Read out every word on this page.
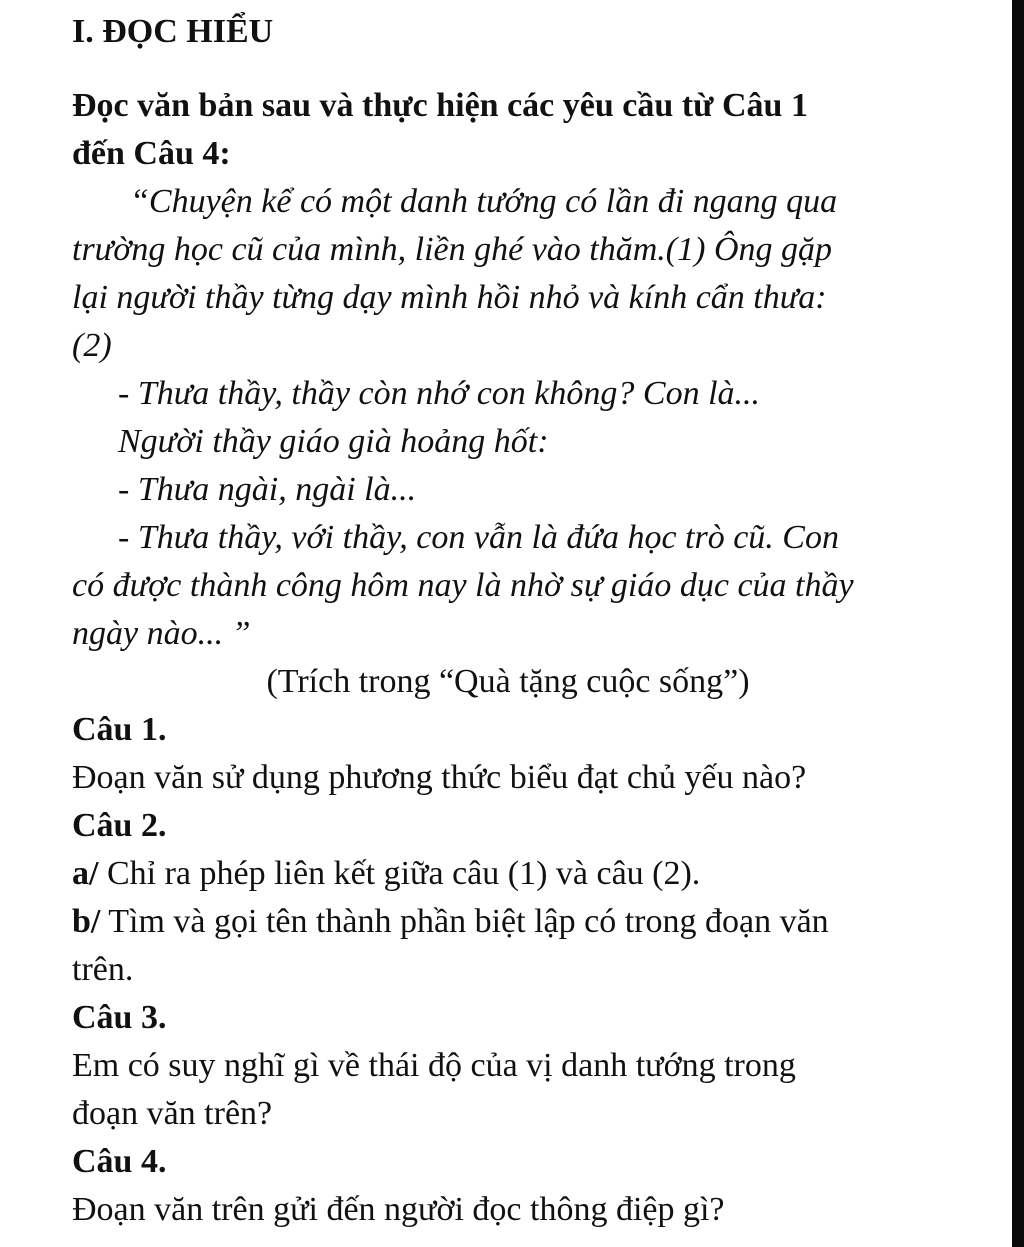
I. ĐỌC HIỂU
Đọc văn bản sau và thực hiện các yêu cầu từ Câu 1
đến Câu 4:
“Chuyện kể có một danh tướng có lần đi ngang qua
trường học cũ của mình, liền ghé vào thăm.(1) Ông gặp
lại người thầy từng dạy mình hồi nhỏ và kính cẩn thưa:
(2)
- Thưa thầy, thầy còn nhớ con không? Con là...
Người thầy giáo già hoảng hốt:
- Thưa ngài, ngài là...
- Thưa thầy, với thầy, con vẫn là đứa học trò cũ. Con
có được thành công hôm nay là nhờ sự giáo dục của thầy
ngày nào... ”
(Trích trong “Quà tặng cuộc sống”)
Câu 1.
Đoạn văn sử dụng phương thức biểu đạt chủ yếu nào?
Câu 2.
a/ Chỉ ra phép liên kết giữa câu (1) và câu (2).
b/ Tìm và gọi tên thành phần biệt lập có trong đoạn văn
trên.
Câu 3.
Em có suy nghĩ gì về thái độ của vị danh tướng trong
đoạn văn trên?
Câu 4.
Đoạn văn trên gửi đến người đọc thông điệp gì?
